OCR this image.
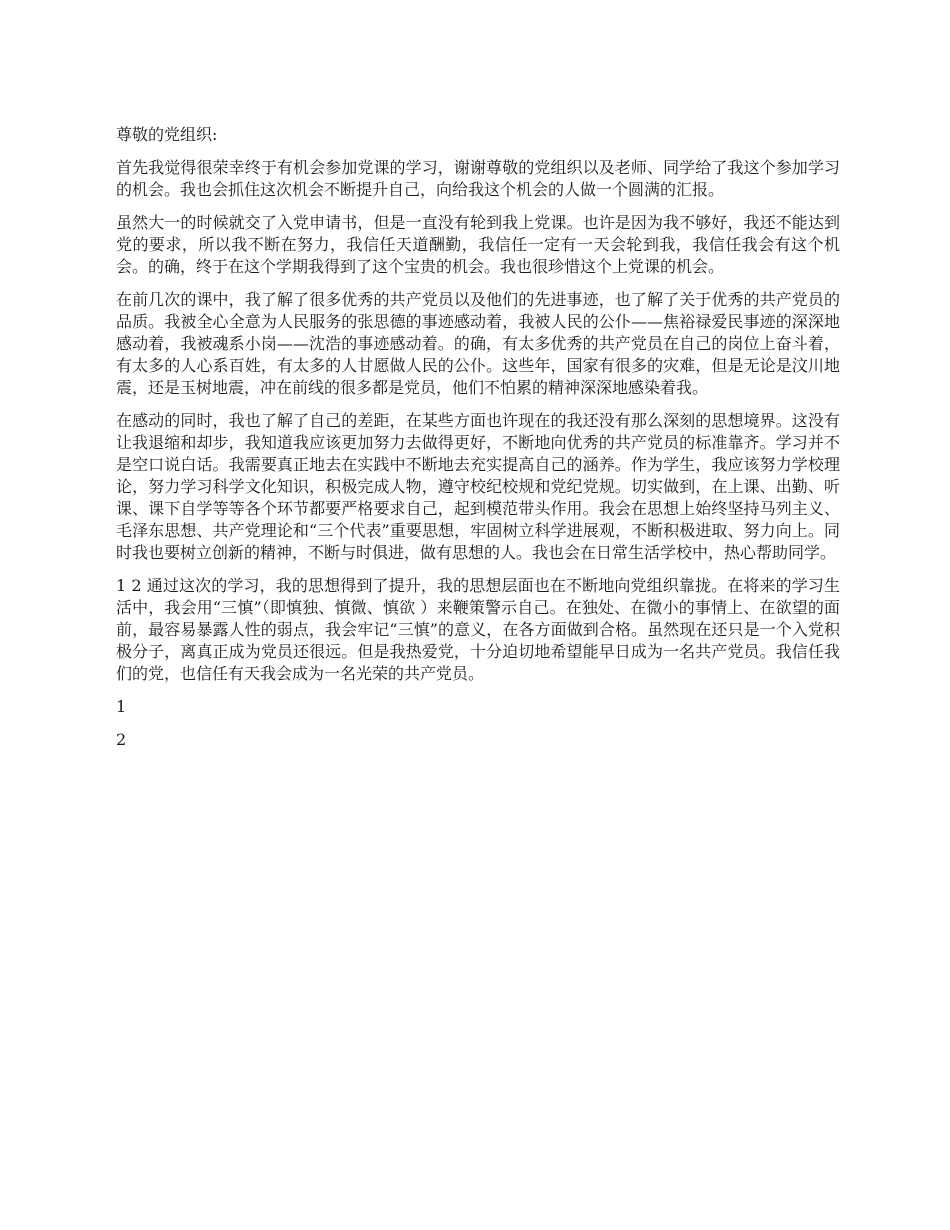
尊敬的党组织:

首先我觉得很荣幸终于有机会参加党课的学习，谢谢尊敬的党组织以及老师、同学给了我这个参加学习的机会。我也会抓住这次机会不断提升自己，向给我这个机会的人做一个圆满的汇报。

虽然大一的时候就交了入党申请书，但是一直没有轮到我上党课。也许是因为我不够好，我还不能达到党的要求，所以我不断在努力，我信任天道酬勤，我信任一定有一天会轮到我，我信任我会有这个机会。的确，终于在这个学期我得到了这个宝贵的机会。我也很珍惜这个上党课的机会。

在前几次的课中，我了解了很多优秀的共产党员以及他们的先进事迹，也了解了关于优秀的共产党员的品质。我被全心全意为人民服务的张思德的事迹感动着，我被人民的公仆——焦裕禄爱民事迹的深深地感动着，我被魂系小岗——沈浩的事迹感动着。的确，有太多优秀的共产党员在自己的岗位上奋斗着，有太多的人心系百姓，有太多的人甘愿做人民的公仆。这些年，国家有很多的灾难，但是无论是汶川地震，还是玉树地震，冲在前线的很多都是党员，他们不怕累的精神深深地感染着我。

在感动的同时，我也了解了自己的差距，在某些方面也许现在的我还没有那么深刻的思想境界。这没有让我退缩和却步，我知道我应该更加努力去做得更好，不断地向优秀的共产党员的标准靠齐。学习并不是空口说白话。我需要真正地去在实践中不断地去充实提高自己的涵养。作为学生，我应该努力学校理论，努力学习科学文化知识，积极完成人物，遵守校纪校规和党纪党规。切实做到，在上课、出勤、听课、课下自学等等各个环节都要严格要求自己，起到模范带头作用。我会在思想上始终坚持马列主义、毛泽东思想、共产党理论和“三个代表”重要思想，牢固树立科学进展观，不断积极进取、努力向上。同时我也要树立创新的精神，不断与时俱进，做有思想的人。我也会在日常生活学校中，热心帮助同学。

1 2 通过这次的学习，我的思想得到了提升，我的思想层面也在不断地向党组织靠拢。在将来的学习生活中，我会用“三慎”（即慎独、慎微、慎欲 ）来鞭策警示自己。在独处、在微小的事情上、在欲望的面前，最容易暴露人性的弱点，我会牢记“三慎”的意义，在各方面做到合格。虽然现在还只是一个入党积极分子，离真正成为党员还很远。但是我热爱党，十分迫切地希望能早日成为一名共产党员。我信任我们的党，也信任有天我会成为一名光荣的共产党员。

1

2
